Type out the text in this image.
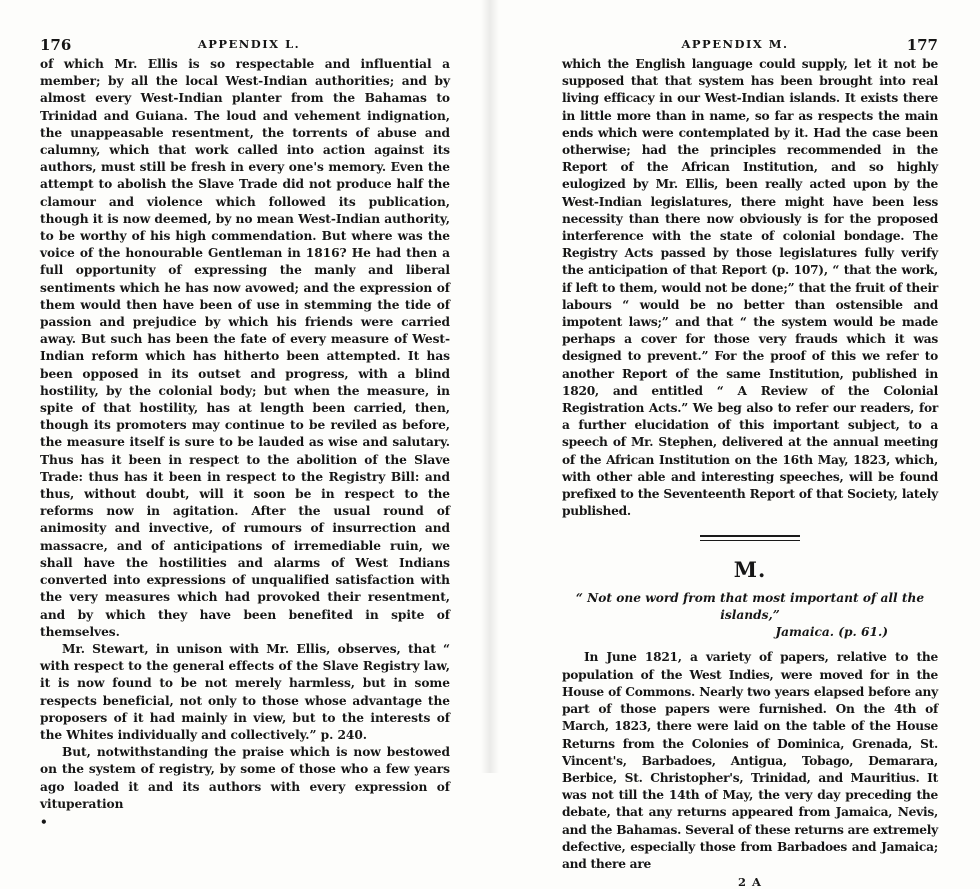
176	APPENDIX L.

of which Mr. Ellis is so respectable and influential a member; by all the local West-Indian authorities; and by almost every West-Indian planter from the Bahamas to Trinidad and Guiana. The loud and vehement indignation, the unappeasable resentment, the torrents of abuse and calumny, which that work called into action against its authors, must still be fresh in every one's memory. Even the attempt to abolish the Slave Trade did not produce half the clamour and violence which followed its publication, though it is now deemed, by no mean West-Indian authority, to be worthy of his high commendation. But where was the voice of the honourable Gentleman in 1816? He had then a full opportunity of expressing the manly and liberal sentiments which he has now avowed; and the expression of them would then have been of use in stemming the tide of passion and prejudice by which his friends were carried away. But such has been the fate of every measure of West-Indian reform which has hitherto been attempted. It has been opposed in its outset and progress, with a blind hostility, by the colonial body; but when the measure, in spite of that hostility, has at length been carried, then, though its promoters may continue to be reviled as before, the measure itself is sure to be lauded as wise and salutary. Thus has it been in respect to the abolition of the Slave Trade: thus has it been in respect to the Registry Bill: and thus, without doubt, will it soon be in respect to the reforms now in agitation. After the usual round of animosity and invective, of rumours of insurrection and massacre, and of anticipations of irremediable ruin, we shall have the hostilities and alarms of West Indians converted into expressions of unqualified satisfaction with the very measures which had provoked their resentment, and by which they have been benefited in spite of themselves.

Mr. Stewart, in unison with Mr. Ellis, observes, that “ with respect to the general effects of the Slave Registry law, it is now found to be not merely harmless, but in some respects beneficial, not only to those whose advantage the proposers of it had mainly in view, but to the interests of the Whites individually and collectively.” p. 240.

But, notwithstanding the praise which is now bestowed on the system of registry, by some of those who a few years ago loaded it and its authors with every expression of vituperation

•
APPENDIX M.	177

which the English language could supply, let it not be supposed that that system has been brought into real living efficacy in our West-Indian islands. It exists there in little more than in name, so far as respects the main ends which were contemplated by it. Had the case been otherwise; had the principles recommended in the Report of the African Institution, and so highly eulogized by Mr. Ellis, been really acted upon by the West-Indian legislatures, there might have been less necessity than there now obviously is for the proposed interference with the state of colonial bondage. The Registry Acts passed by those legislatures fully verify the anticipation of that Report (p. 107), “ that the work, if left to them, would not be done;” that the fruit of their labours “ would be no better than ostensible and impotent laws;” and that “ the system would be made perhaps a cover for those very frauds which it was designed to prevent.” For the proof of this we refer to another Report of the same Institution, published in 1820, and entitled “ A Review of the Colonial Registration Acts.” We beg also to refer our readers, for a further elucidation of this important subject, to a speech of Mr. Stephen, delivered at the annual meeting of the African Institution on the 16th May, 1823, which, with other able and interesting speeches, will be found prefixed to the Seventeenth Report of that Society, lately published.

M.
“ Not one word from that most important of all the islands,”
Jamaica. (p. 61.)

In June 1821, a variety of papers, relative to the population of the West Indies, were moved for in the House of Commons. Nearly two years elapsed before any part of those papers were furnished. On the 4th of March, 1823, there were laid on the table of the House Returns from the Colonies of Dominica, Grenada, St. Vincent's, Barbadoes, Antigua, Tobago, Demarara, Berbice, St. Christopher's, Trinidad, and Mauritius. It was not till the 14th of May, the very day preceding the debate, that any returns appeared from Jamaica, Nevis, and the Bahamas. Several of these returns are extremely defective, especially those from Barbadoes and Jamaica; and there are

2 A
